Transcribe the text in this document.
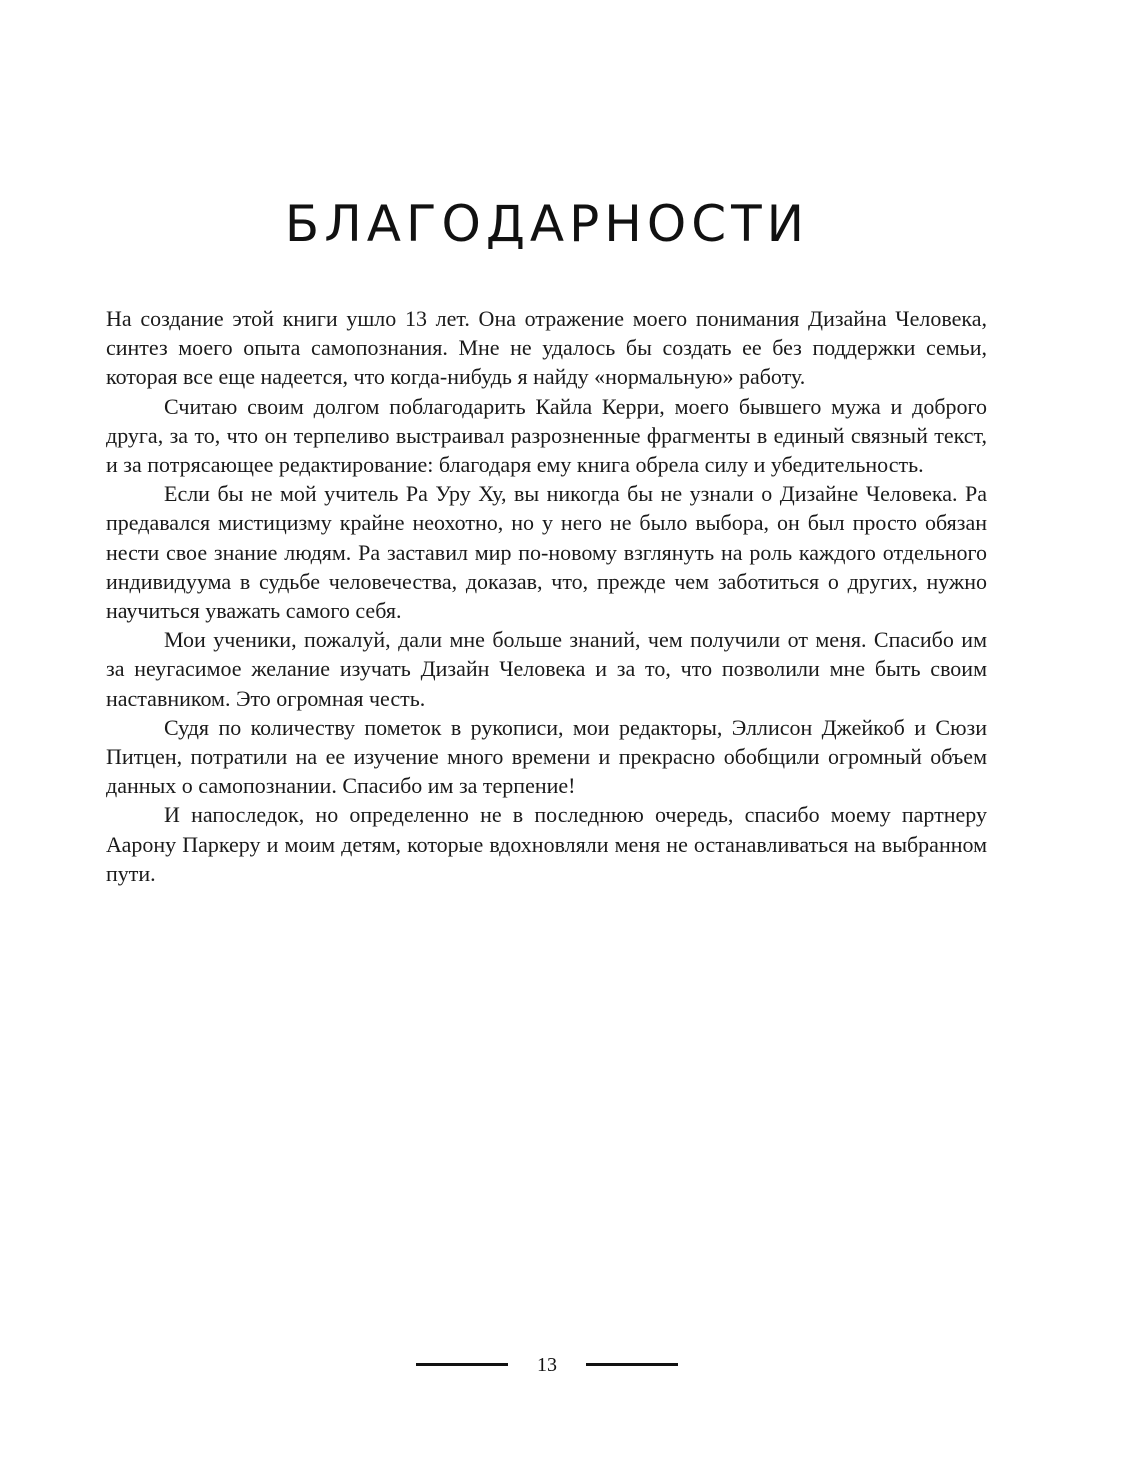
БЛАГОДАРНОСТИ

На создание этой книги ушло 13 лет. Она отражение моего понимания Дизайна Человека, синтез моего опыта самопознания. Мне не удалось бы создать ее без поддержки семьи, которая все еще надеется, что когда-нибудь я найду «нормальную» работу.

Считаю своим долгом поблагодарить Кайла Керри, моего бывшего мужа и доброго друга, за то, что он терпеливо выстраивал разрозненные фрагменты в единый связный текст, и за потрясающее редактирование: благодаря ему книга обрела силу и убедительность.

Если бы не мой учитель Ра Уру Ху, вы никогда бы не узнали о Дизайне Человека. Ра предавался мистицизму крайне неохотно, но у него не было выбора, он был просто обязан нести свое знание людям. Ра заставил мир по-новому взглянуть на роль каждого отдельного индивидуума в судьбе человечества, доказав, что, прежде чем заботиться о других, нужно научиться уважать самого себя.

Мои ученики, пожалуй, дали мне больше знаний, чем получили от меня. Спасибо им за неугасимое желание изучать Дизайн Человека и за то, что позволили мне быть своим наставником. Это огромная честь.

Судя по количеству пометок в рукописи, мои редакторы, Эллисон Джейкоб и Сюзи Питцен, потратили на ее изучение много времени и прекрасно обобщили огромный объем данных о самопознании. Спасибо им за терпение!

И напоследок, но определенно не в последнюю очередь, спасибо моему партнеру Аарону Паркеру и моим детям, которые вдохновляли меня не останавливаться на выбранном пути.

13
